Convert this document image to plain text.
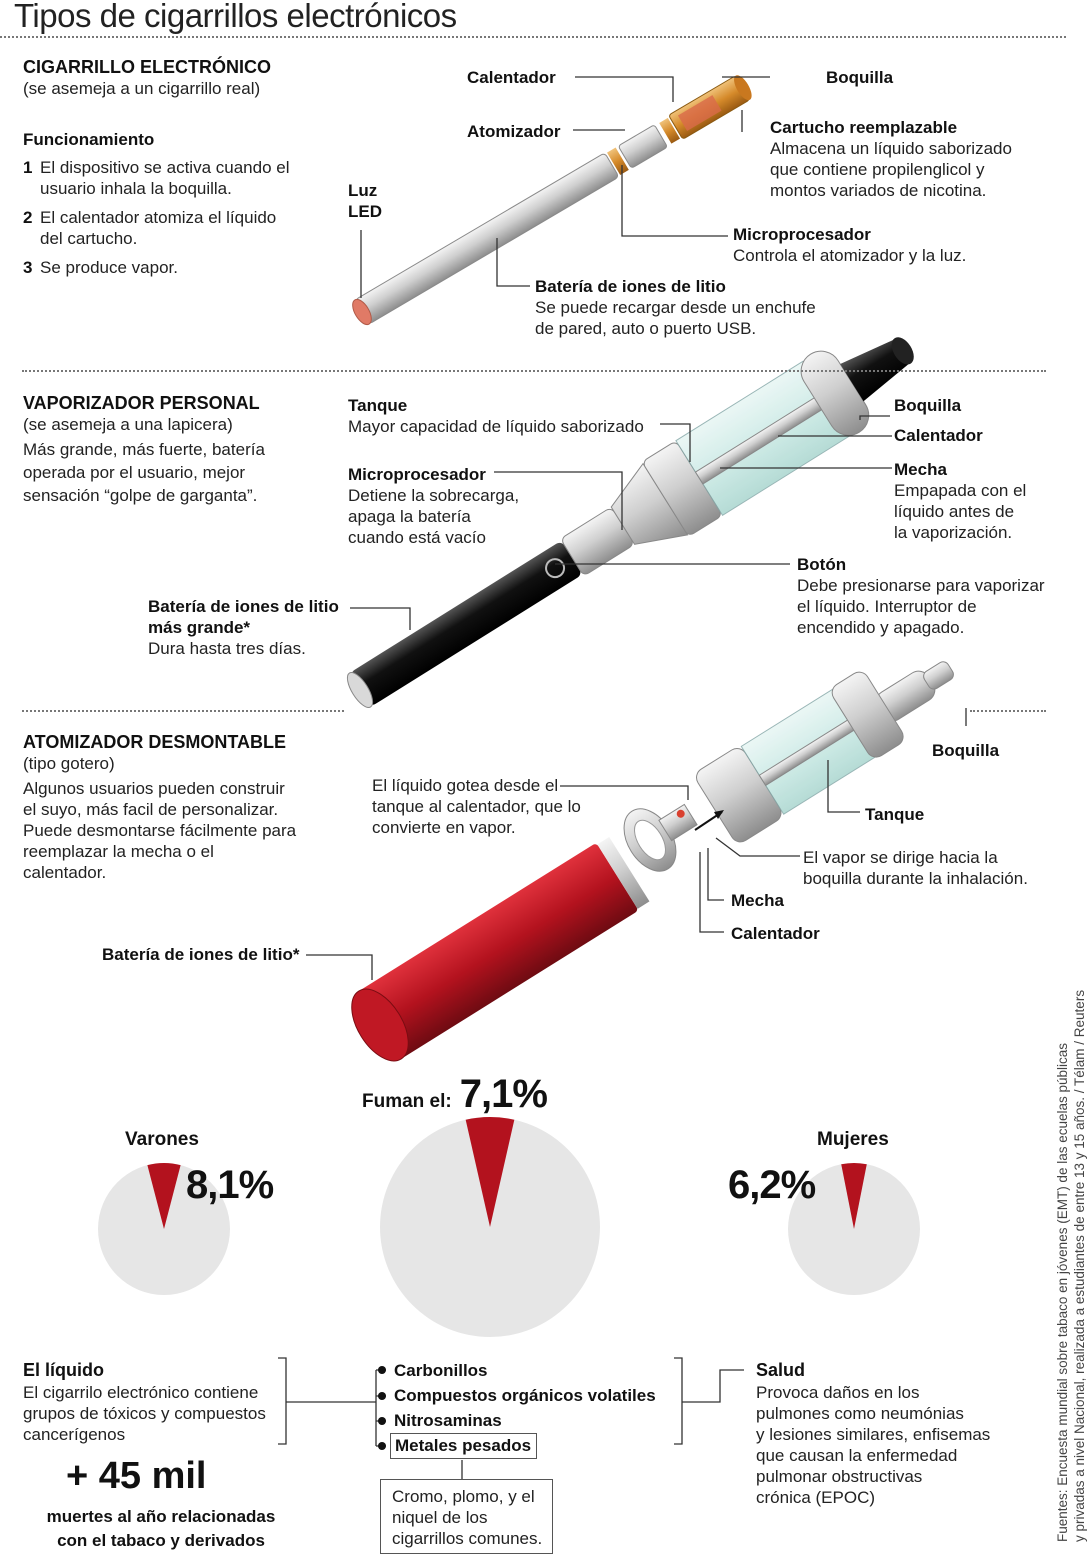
Tipos de cigarrillos electrónicos
CIGARRILLO ELECTRÓNICO
(se asemeja a un cigarrillo real)
Funcionamiento
1 El dispositivo se activa cuando el
usuario inhala la boquilla.
2 El calentador atomiza el líquido
del cartucho.
3 Se produce vapor.
Calentador
Atomizador
Luz
LED
Boquilla
Cartucho reemplazable
Almacena un líquido saborizado
que contiene propilenglicol y
montos variados de nicotina.
Microprocesador
Controla el atomizador y la luz.
Batería de iones de litio
Se puede recargar desde un enchufe
de pared, auto o puerto USB.
VAPORIZADOR PERSONAL
(se asemeja a una lapicera)
Más grande, más fuerte, batería
operada por el usuario, mejor
sensación “golpe de garganta”.
Tanque
Mayor capacidad de líquido saborizado
Microprocesador
Detiene la sobrecarga,
apaga la batería
cuando está vacío
Batería de iones de litio
más grande*
Dura hasta tres días.
Boquilla
Calentador
Mecha
Empapada con el
líquido antes de
la vaporización.
Botón
Debe presionarse para vaporizar
el líquido. Interruptor de
encendido y apagado.
ATOMIZADOR DESMONTABLE
(tipo gotero)
Algunos usuarios pueden construir
el suyo, más facil de personalizar.
Puede desmontarse fácilmente para
reemplazar la mecha o el
calentador.
El líquido gotea desde el
tanque al calentador, que lo
convierte en vapor.
Boquilla
Tanque
El vapor se dirige hacia la
boquilla durante la inhalación.
Mecha
Calentador
Batería de iones de litio*
Fuman el: 7,1%
Varones
8,1%
Mujeres
6,2%
El líquido
El cigarrilo electrónico contiene
grupos de tóxicos y compuestos
cancerígenos
+ 45 mil
muertes al año relacionadas
con el tabaco y derivados
Carbonillos
Compuestos orgánicos volatiles
Nitrosaminas
Metales pesados
Cromo, plomo, y el
niquel de los
cigarrillos comunes.
Salud
Provoca daños en los
pulmones como neumónias
y lesiones similares, enfisemas
que causan la enfermedad
pulmonar obstructivas
crónica (EPOC)	Fuentes: Encuesta mundial sobre tabaco en jóvenes (EMT) de las ecuelas públicas
y privadas a nivel Nacional, realizada a estudiantes de entre 13 y 15 años. / Télam / Reuters
